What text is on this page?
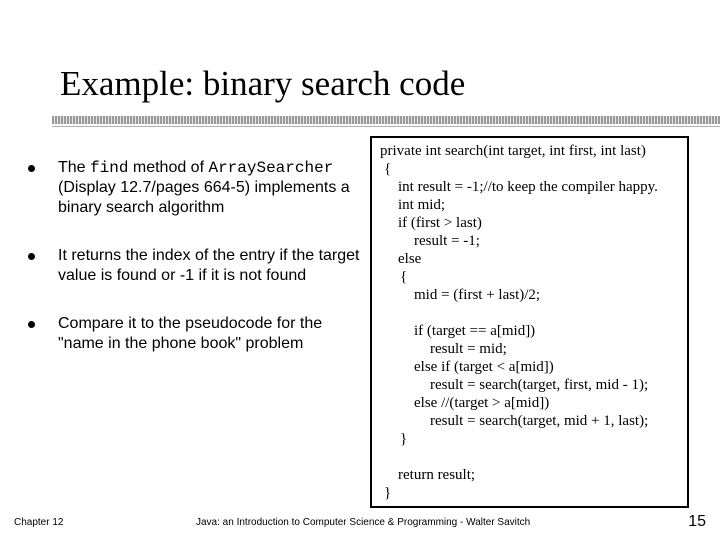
Example: binary search code
The find method of ArraySearcher (Display 12.7/pages 664-5) implements a binary search algorithm
It returns the index of the entry if the target value is found or -1 if it is not found
Compare it to the pseudocode for the "name in the phone book" problem
private int search(int target, int first, int last)
{
int result = -1;//to keep the compiler happy.
int mid;
if (first > last)
result = -1;
else
{
mid = (first + last)/2;
if (target == a[mid])
result = mid;
else if (target < a[mid])
result = search(target, first, mid - 1);
else //(target > a[mid])
result = search(target, mid + 1, last);
}
return result;
}
Chapter 12	Java: an Introduction to Computer Science & Programming - Walter Savitch	15
